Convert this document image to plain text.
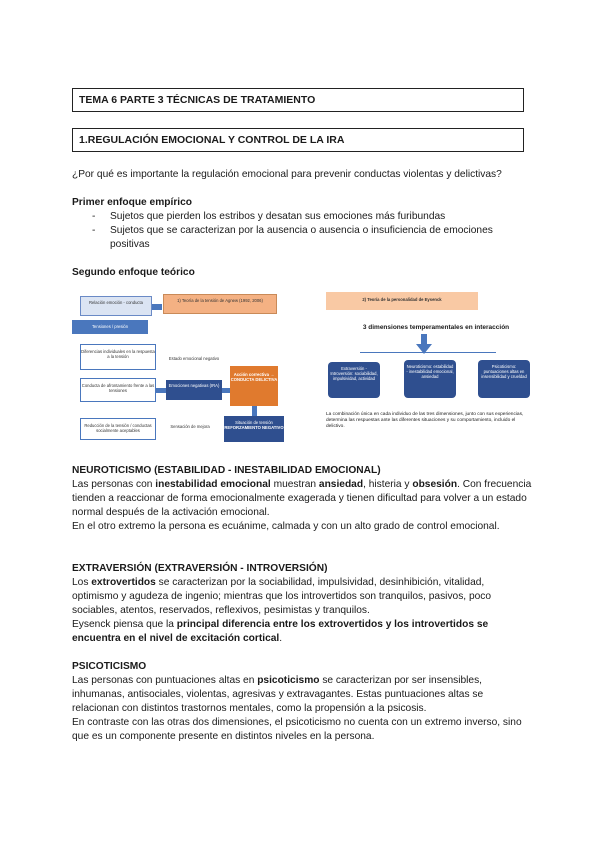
TEMA 6 PARTE 3 TÉCNICAS DE TRATAMIENTO
1.REGULACIÓN EMOCIONAL Y CONTROL DE LA IRA
¿Por qué es importante la regulación emocional para prevenir conductas violentas y delictivas?
Primer enfoque empírico
- Sujetos que pierden los estribos y desatan sus emociones más furibundas
- Sujetos que se caracterizan por la ausencia o ausencia o insuficiencia de emociones positivas
Segundo enfoque teórico
Relación emoción - conducta	1) Teoría de la tensión de Agnew (1992, 2006)
Tensiones / presión
Diferencias individuales en la respuesta a la tensión
Conducta de afrontamiento frente a las tensiones
Emociones negativas (IRA)
Acción correctiva → CONDUCTA DELICTIVA
Reducción de la tensión / conductas socialmente aceptables
Situación de tensión
REFORZAMIENTO NEGATIVO
Sensación de mejora
Estado emocional negativo
2) Teoría de la personalidad de Eysenck
3 dimensiones temperamentales en interacción
Extraversión - Introversión: sociabilidad, impulsividad, actividad
Neuroticismo: estabilidad - inestabilidad emocional, ansiedad
Psicoticismo: puntuaciones altas en insensibilidad y crueldad
La combinación única en cada individuo de las tres dimensiones, junto con sus experiencias, determina las respuestas ante las diferentes situaciones y su comportamiento, incluido el delictivo.
NEUROTICISMO (ESTABILIDAD - INESTABILIDAD EMOCIONAL)
Las personas con inestabilidad emocional muestran ansiedad, histeria y obsesión. Con frecuencia tienden a reaccionar de forma emocionalmente exagerada y tienen dificultad para volver a un estado normal después de la activación emocional.
En el otro extremo la persona es ecuánime, calmada y con un alto grado de control emocional.
EXTRAVERSIÓN (EXTRAVERSIÓN - INTROVERSIÓN)
Los extrovertidos se caracterizan por la sociabilidad, impulsividad, desinhibición, vitalidad, optimismo y agudeza de ingenio; mientras que los introvertidos son tranquilos, pasivos, poco sociables, atentos, reservados, reflexivos, pesimistas y tranquilos.
Eysenck piensa que la principal diferencia entre los extrovertidos y los introvertidos se encuentra en el nivel de excitación cortical.
PSICOTICISMO
Las personas con puntuaciones altas en psicoticismo se caracterizan por ser insensibles, inhumanas, antisociales, violentas, agresivas y extravagantes. Estas puntuaciones altas se relacionan con distintos trastornos mentales, como la propensión a la psicosis.
En contraste con las otras dos dimensiones, el psicoticismo no cuenta con un extremo inverso, sino que es un componente presente en distintos niveles en la persona.
